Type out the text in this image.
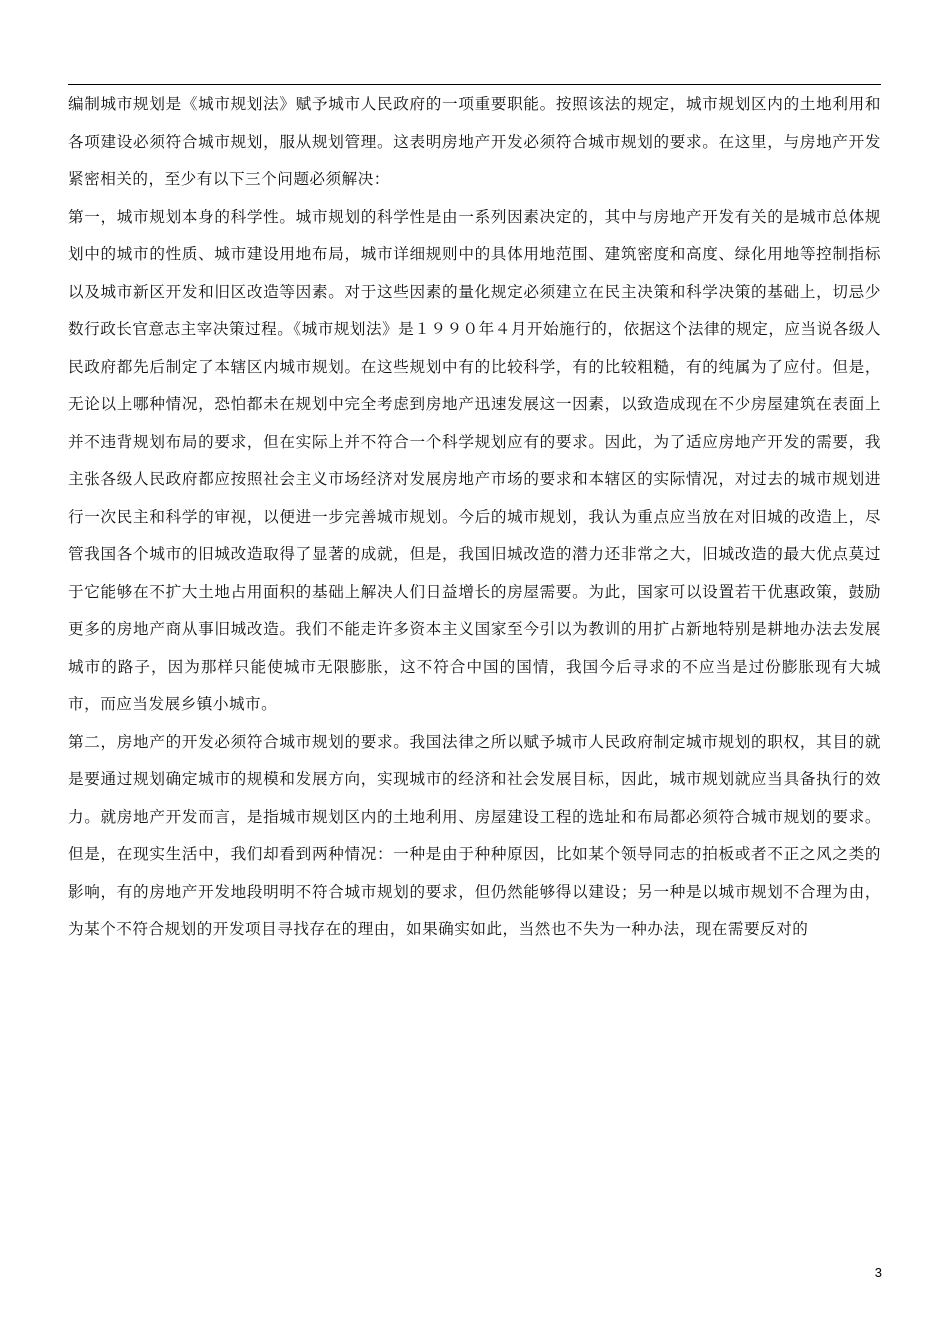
编制城市规划是《城市规划法》赋予城市人民政府的一项重要职能。按照该法的规定，城市规划区内的土地利用和各项建设必须符合城市规划，服从规划管理。这表明房地产开发必须符合城市规划的要求。在这里，与房地产开发紧密相关的，至少有以下三个问题必须解决：

第一，城市规划本身的科学性。城市规划的科学性是由一系列因素决定的，其中与房地产开发有关的是城市总体规划中的城市的性质、城市建设用地布局，城市详细规则中的具体用地范围、建筑密度和高度、绿化用地等控制指标以及城市新区开发和旧区改造等因素。对于这些因素的量化规定必须建立在民主决策和科学决策的基础上，切忌少数行政长官意志主宰决策过程。《城市规划法》是１９９０年４月开始施行的，依据这个法律的规定，应当说各级人民政府都先后制定了本辖区内城市规划。在这些规划中有的比较科学，有的比较粗糙，有的纯属为了应付。但是，无论以上哪种情况，恐怕都未在规划中完全考虑到房地产迅速发展这一因素，以致造成现在不少房屋建筑在表面上并不违背规划布局的要求，但在实际上并不符合一个科学规划应有的要求。因此，为了适应房地产开发的需要，我主张各级人民政府都应按照社会主义市场经济对发展房地产市场的要求和本辖区的实际情况，对过去的城市规划进行一次民主和科学的审视，以便进一步完善城市规划。今后的城市规划，我认为重点应当放在对旧城的改造上，尽管我国各个城市的旧城改造取得了显著的成就，但是，我国旧城改造的潜力还非常之大，旧城改造的最大优点莫过于它能够在不扩大土地占用面积的基础上解决人们日益增长的房屋需要。为此，国家可以设置若干优惠政策，鼓励更多的房地产商从事旧城改造。我们不能走许多资本主义国家至今引以为教训的用扩占新地特别是耕地办法去发展城市的路子，因为那样只能使城市无限膨胀，这不符合中国的国情，我国今后寻求的不应当是过份膨胀现有大城市，而应当发展乡镇小城市。

第二，房地产的开发必须符合城市规划的要求。我国法律之所以赋予城市人民政府制定城市规划的职权，其目的就是要通过规划确定城市的规模和发展方向，实现城市的经济和社会发展目标，因此，城市规划就应当具备执行的效力。就房地产开发而言，是指城市规划区内的土地利用、房屋建设工程的选址和布局都必须符合城市规划的要求。但是，在现实生活中，我们却看到两种情况：一种是由于种种原因，比如某个领导同志的拍板或者不正之风之类的影响，有的房地产开发地段明明不符合城市规划的要求，但仍然能够得以建设；另一种是以城市规划不合理为由，为某个不符合规划的开发项目寻找存在的理由，如果确实如此，当然也不失为一种办法，现在需要反对的

3
